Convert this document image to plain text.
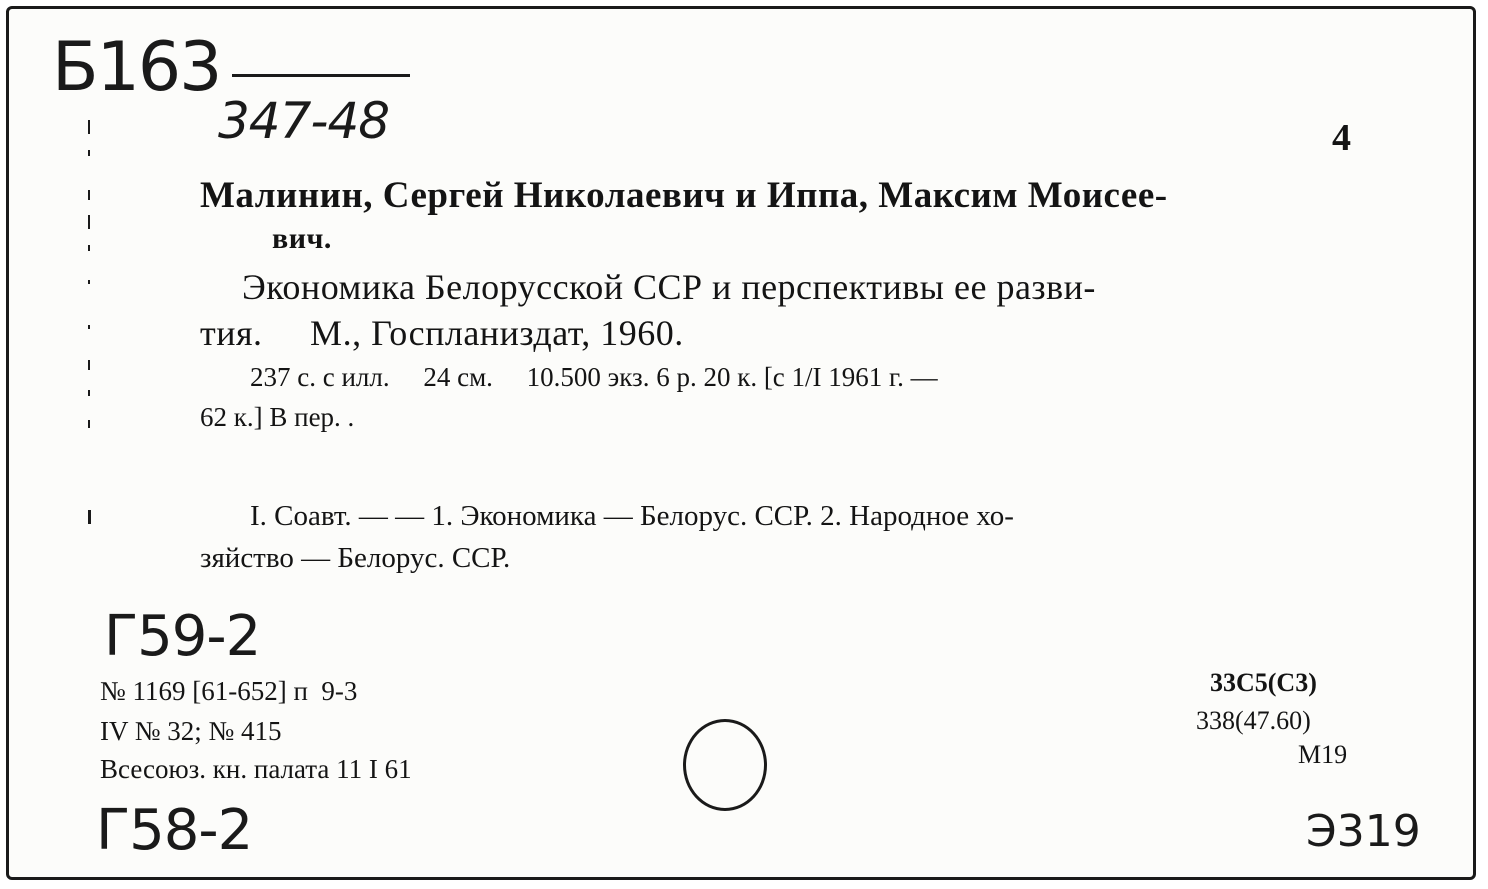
Б163
347-48	4
Малинин, Сергей Николаевич и Иппа, Максим Моисее-
вич.
Экономика Белорусской ССР и перспективы ее разви-
тия.     М., Госпланиздат, 1960.
237 с. с илл.     24 см.     10.500 экз. 6 р. 20 к. [с 1/I 1961 г. —
62 к.] В пер. .
I. Соавт. — — 1. Экономика — Белорус. ССР. 2. Народное хо-
зяйство — Белорус. ССР.
Г59-2
№ 1169 [61-652] п  9-3
IV № 32; № 415
Всесоюз. кн. палата 11 I 61
Г58-2
33C5(C3)
338(47.60)
M19
Э319
